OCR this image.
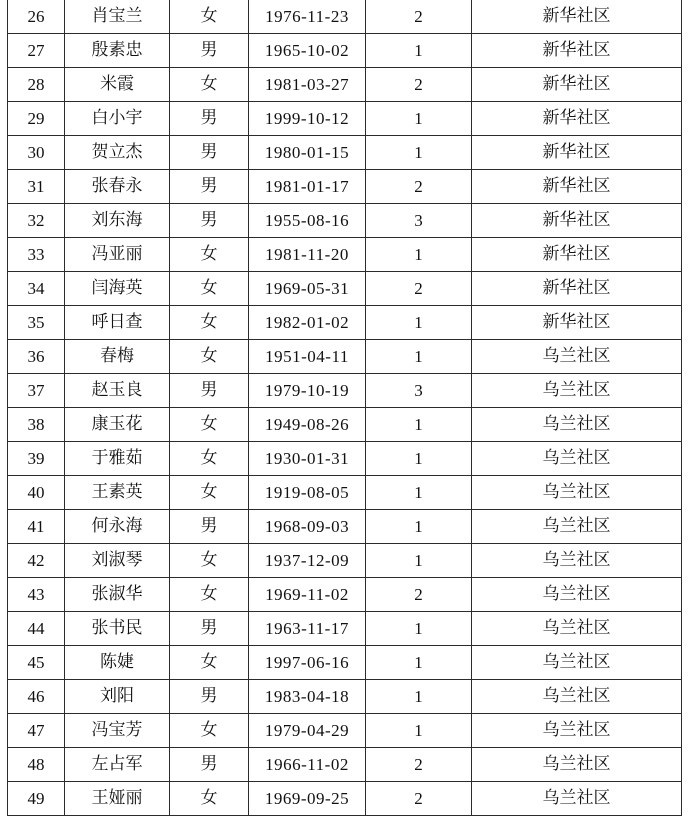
26	肖宝兰	女	1976-11-23	2	新华社区
27	殷素忠	男	1965-10-02	1	新华社区
28	米霞	女	1981-03-27	2	新华社区
29	白小宇	男	1999-10-12	1	新华社区
30	贺立杰	男	1980-01-15	1	新华社区
31	张春永	男	1981-01-17	2	新华社区
32	刘东海	男	1955-08-16	3	新华社区
33	冯亚丽	女	1981-11-20	1	新华社区
34	闫海英	女	1969-05-31	2	新华社区
35	呼日查	女	1982-01-02	1	新华社区
36	春梅	女	1951-04-11	1	乌兰社区
37	赵玉良	男	1979-10-19	3	乌兰社区
38	康玉花	女	1949-08-26	1	乌兰社区
39	于雅茹	女	1930-01-31	1	乌兰社区
40	王素英	女	1919-08-05	1	乌兰社区
41	何永海	男	1968-09-03	1	乌兰社区
42	刘淑琴	女	1937-12-09	1	乌兰社区
43	张淑华	女	1969-11-02	2	乌兰社区
44	张书民	男	1963-11-17	1	乌兰社区
45	陈婕	女	1997-06-16	1	乌兰社区
46	刘阳	男	1983-04-18	1	乌兰社区
47	冯宝芳	女	1979-04-29	1	乌兰社区
48	左占军	男	1966-11-02	2	乌兰社区
49	王娅丽	女	1969-09-25	2	乌兰社区
